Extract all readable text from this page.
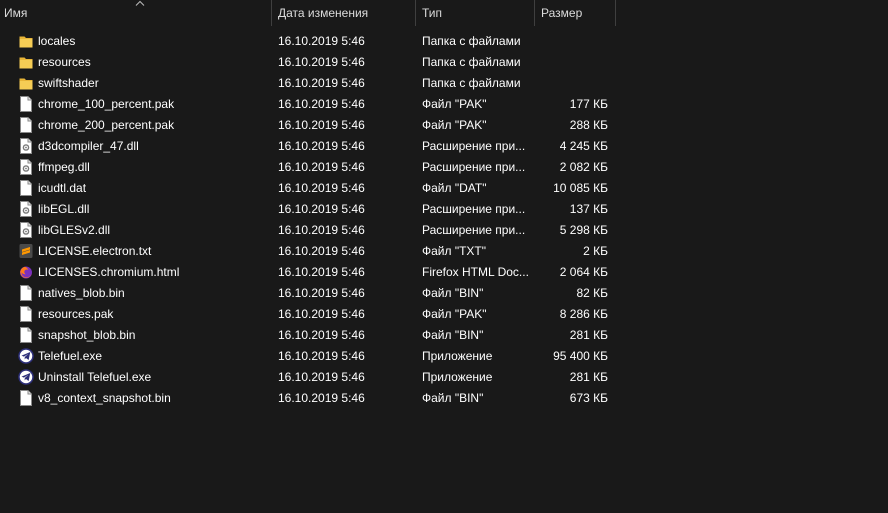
Имя	Дата изменения	Тип	Размер
locales	16.10.2019 5:46	Папка с файлами
resources	16.10.2019 5:46	Папка с файлами
swiftshader	16.10.2019 5:46	Папка с файлами
chrome_100_percent.pak	16.10.2019 5:46	Файл "PAK"	177 КБ
chrome_200_percent.pak	16.10.2019 5:46	Файл "PAK"	288 КБ
d3dcompiler_47.dll	16.10.2019 5:46	Расширение при...	4 245 КБ
ffmpeg.dll	16.10.2019 5:46	Расширение при...	2 082 КБ
icudtl.dat	16.10.2019 5:46	Файл "DAT"	10 085 КБ
libEGL.dll	16.10.2019 5:46	Расширение при...	137 КБ
libGLESv2.dll	16.10.2019 5:46	Расширение при...	5 298 КБ
LICENSE.electron.txt	16.10.2019 5:46	Файл "TXT"	2 КБ
LICENSES.chromium.html	16.10.2019 5:46	Firefox HTML Doc...	2 064 КБ
natives_blob.bin	16.10.2019 5:46	Файл "BIN"	82 КБ
resources.pak	16.10.2019 5:46	Файл "PAK"	8 286 КБ
snapshot_blob.bin	16.10.2019 5:46	Файл "BIN"	281 КБ
Telefuel.exe	16.10.2019 5:46	Приложение	95 400 КБ
Uninstall Telefuel.exe	16.10.2019 5:46	Приложение	281 КБ
v8_context_snapshot.bin	16.10.2019 5:46	Файл "BIN"	673 КБ
